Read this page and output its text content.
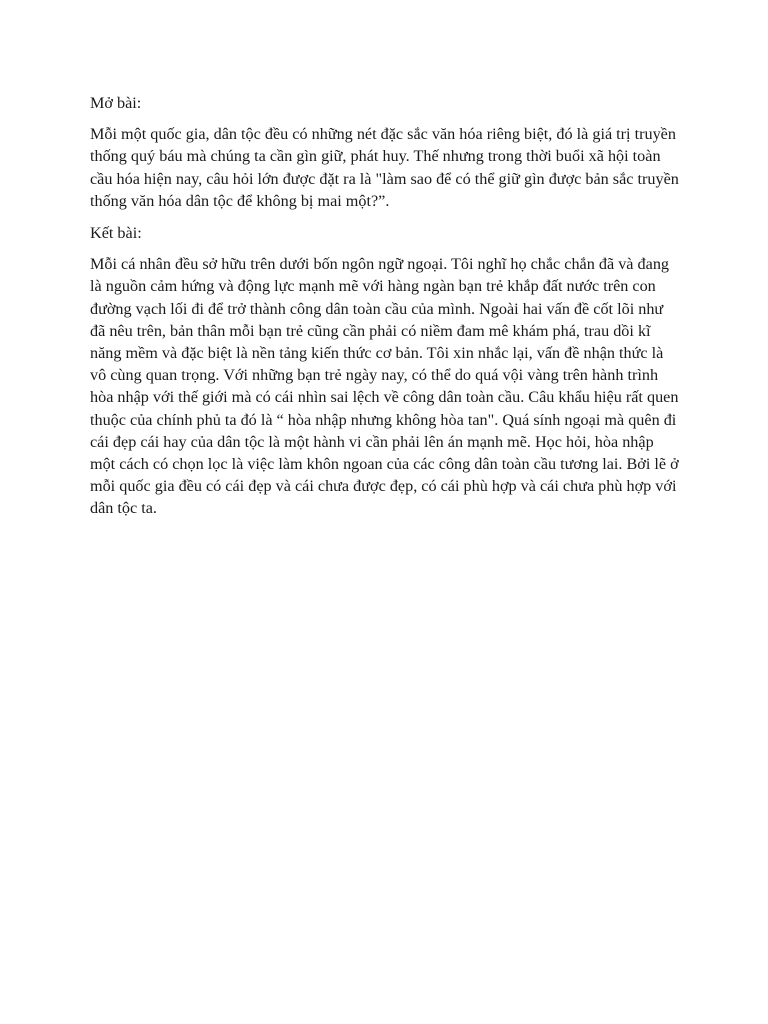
Mở bài:

Mỗi một quốc gia, dân tộc đều có những nét đặc sắc văn hóa riêng biệt, đó là giá trị truyền thống quý báu mà chúng ta cần gìn giữ, phát huy. Thế nhưng trong thời buổi xã hội toàn cầu hóa hiện nay, câu hỏi lớn được đặt ra là "làm sao để có thể giữ gìn được bản sắc truyền thống văn hóa dân tộc để không bị mai một?”.

Kết bài:

Mỗi cá nhân đều sở hữu trên dưới bốn ngôn ngữ ngoại. Tôi nghĩ họ chắc chắn đã và đang là nguồn cảm hứng và động lực mạnh mẽ với hàng ngàn bạn trẻ khắp đất nước trên con đường vạch lối đi để trở thành công dân toàn cầu của mình. Ngoài hai vấn đề cốt lõi như đã nêu trên, bản thân mỗi bạn trẻ cũng cần phải có niềm đam mê khám phá, trau dồi kĩ năng mềm và đặc biệt là nền tảng kiến thức cơ bản. Tôi xin nhắc lại, vấn đề nhận thức là vô cùng quan trọng. Với những bạn trẻ ngày nay, có thể do quá vội vàng trên hành trình hòa nhập với thế giới mà có cái nhìn sai lệch về công dân toàn cầu. Câu khẩu hiệu rất quen thuộc của chính phủ ta đó là “ hòa nhập nhưng không hòa tan". Quá sính ngoại mà quên đi cái đẹp cái hay của dân tộc là một hành vi cần phải lên án mạnh mẽ. Học hỏi, hòa nhập một cách có chọn lọc là việc làm khôn ngoan của các công dân toàn cầu tương lai. Bởi lẽ ở mỗi quốc gia đều có cái đẹp và cái chưa được đẹp, có cái phù hợp và cái chưa phù hợp với dân tộc ta.
